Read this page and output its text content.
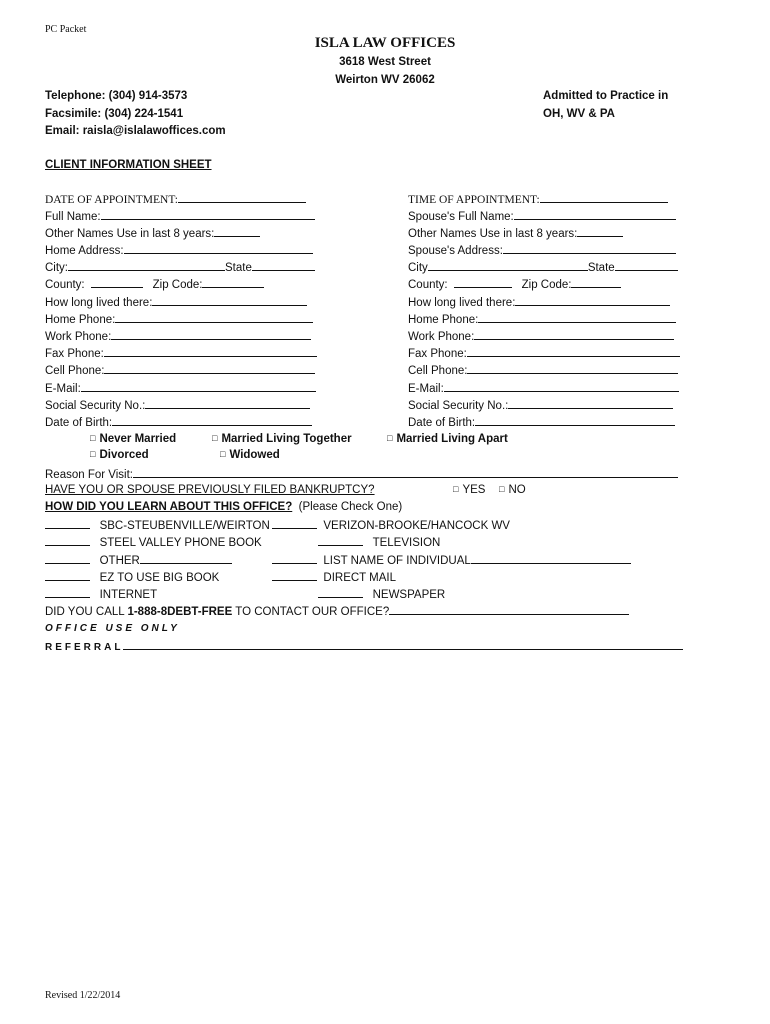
PC Packet
ISLA LAW OFFICES
3618 West Street
Weirton WV 26062
Telephone: (304) 914-3573
Facsimile: (304) 224-1541
Email: raisla@islalawoffices.com
Admitted to Practice in
OH, WV & PA
CLIENT INFORMATION SHEET
DATE OF APPOINTMENT:
Full Name:
Other Names Use in last 8 years:
Home Address:
City:	State
County:	Zip Code:
How long lived there:
Home Phone:
Work Phone:
Fax Phone:
Cell Phone:
E-Mail:
Social Security No.:
Date of Birth:
TIME OF APPOINTMENT:
Spouse's Full Name:
Other Names Use in last 8 years:
Spouse's Address:
City	State
County:	Zip Code:
How long lived there:
Home Phone:
Work Phone:
Fax Phone:
Cell Phone:
E-Mail:
Social Security No.:
Date of Birth:
□ Never Married	□ Married Living Together	□ Married Living Apart
□ Divorced	□ Widowed
Reason For Visit:
HAVE YOU OR SPOUSE PREVIOUSLY FILED BANKRUPTCY?	□ YES □ NO
HOW DID YOU LEARN ABOUT THIS OFFICE? (Please Check One)
SBC-STEUBENVILLE/WEIRTON	VERIZON-BROOKE/HANCOCK WV
STEEL VALLEY PHONE BOOK	TELEVISION
OTHER	LIST NAME OF INDIVIDUAL
EZ TO USE BIG BOOK	DIRECT MAIL
INTERNET	NEWSPAPER
DID YOU CALL 1-888-8DEBT-FREE TO CONTACT OUR OFFICE?
OFFICE USE ONLY
REFERRAL
Revised 1/22/2014
